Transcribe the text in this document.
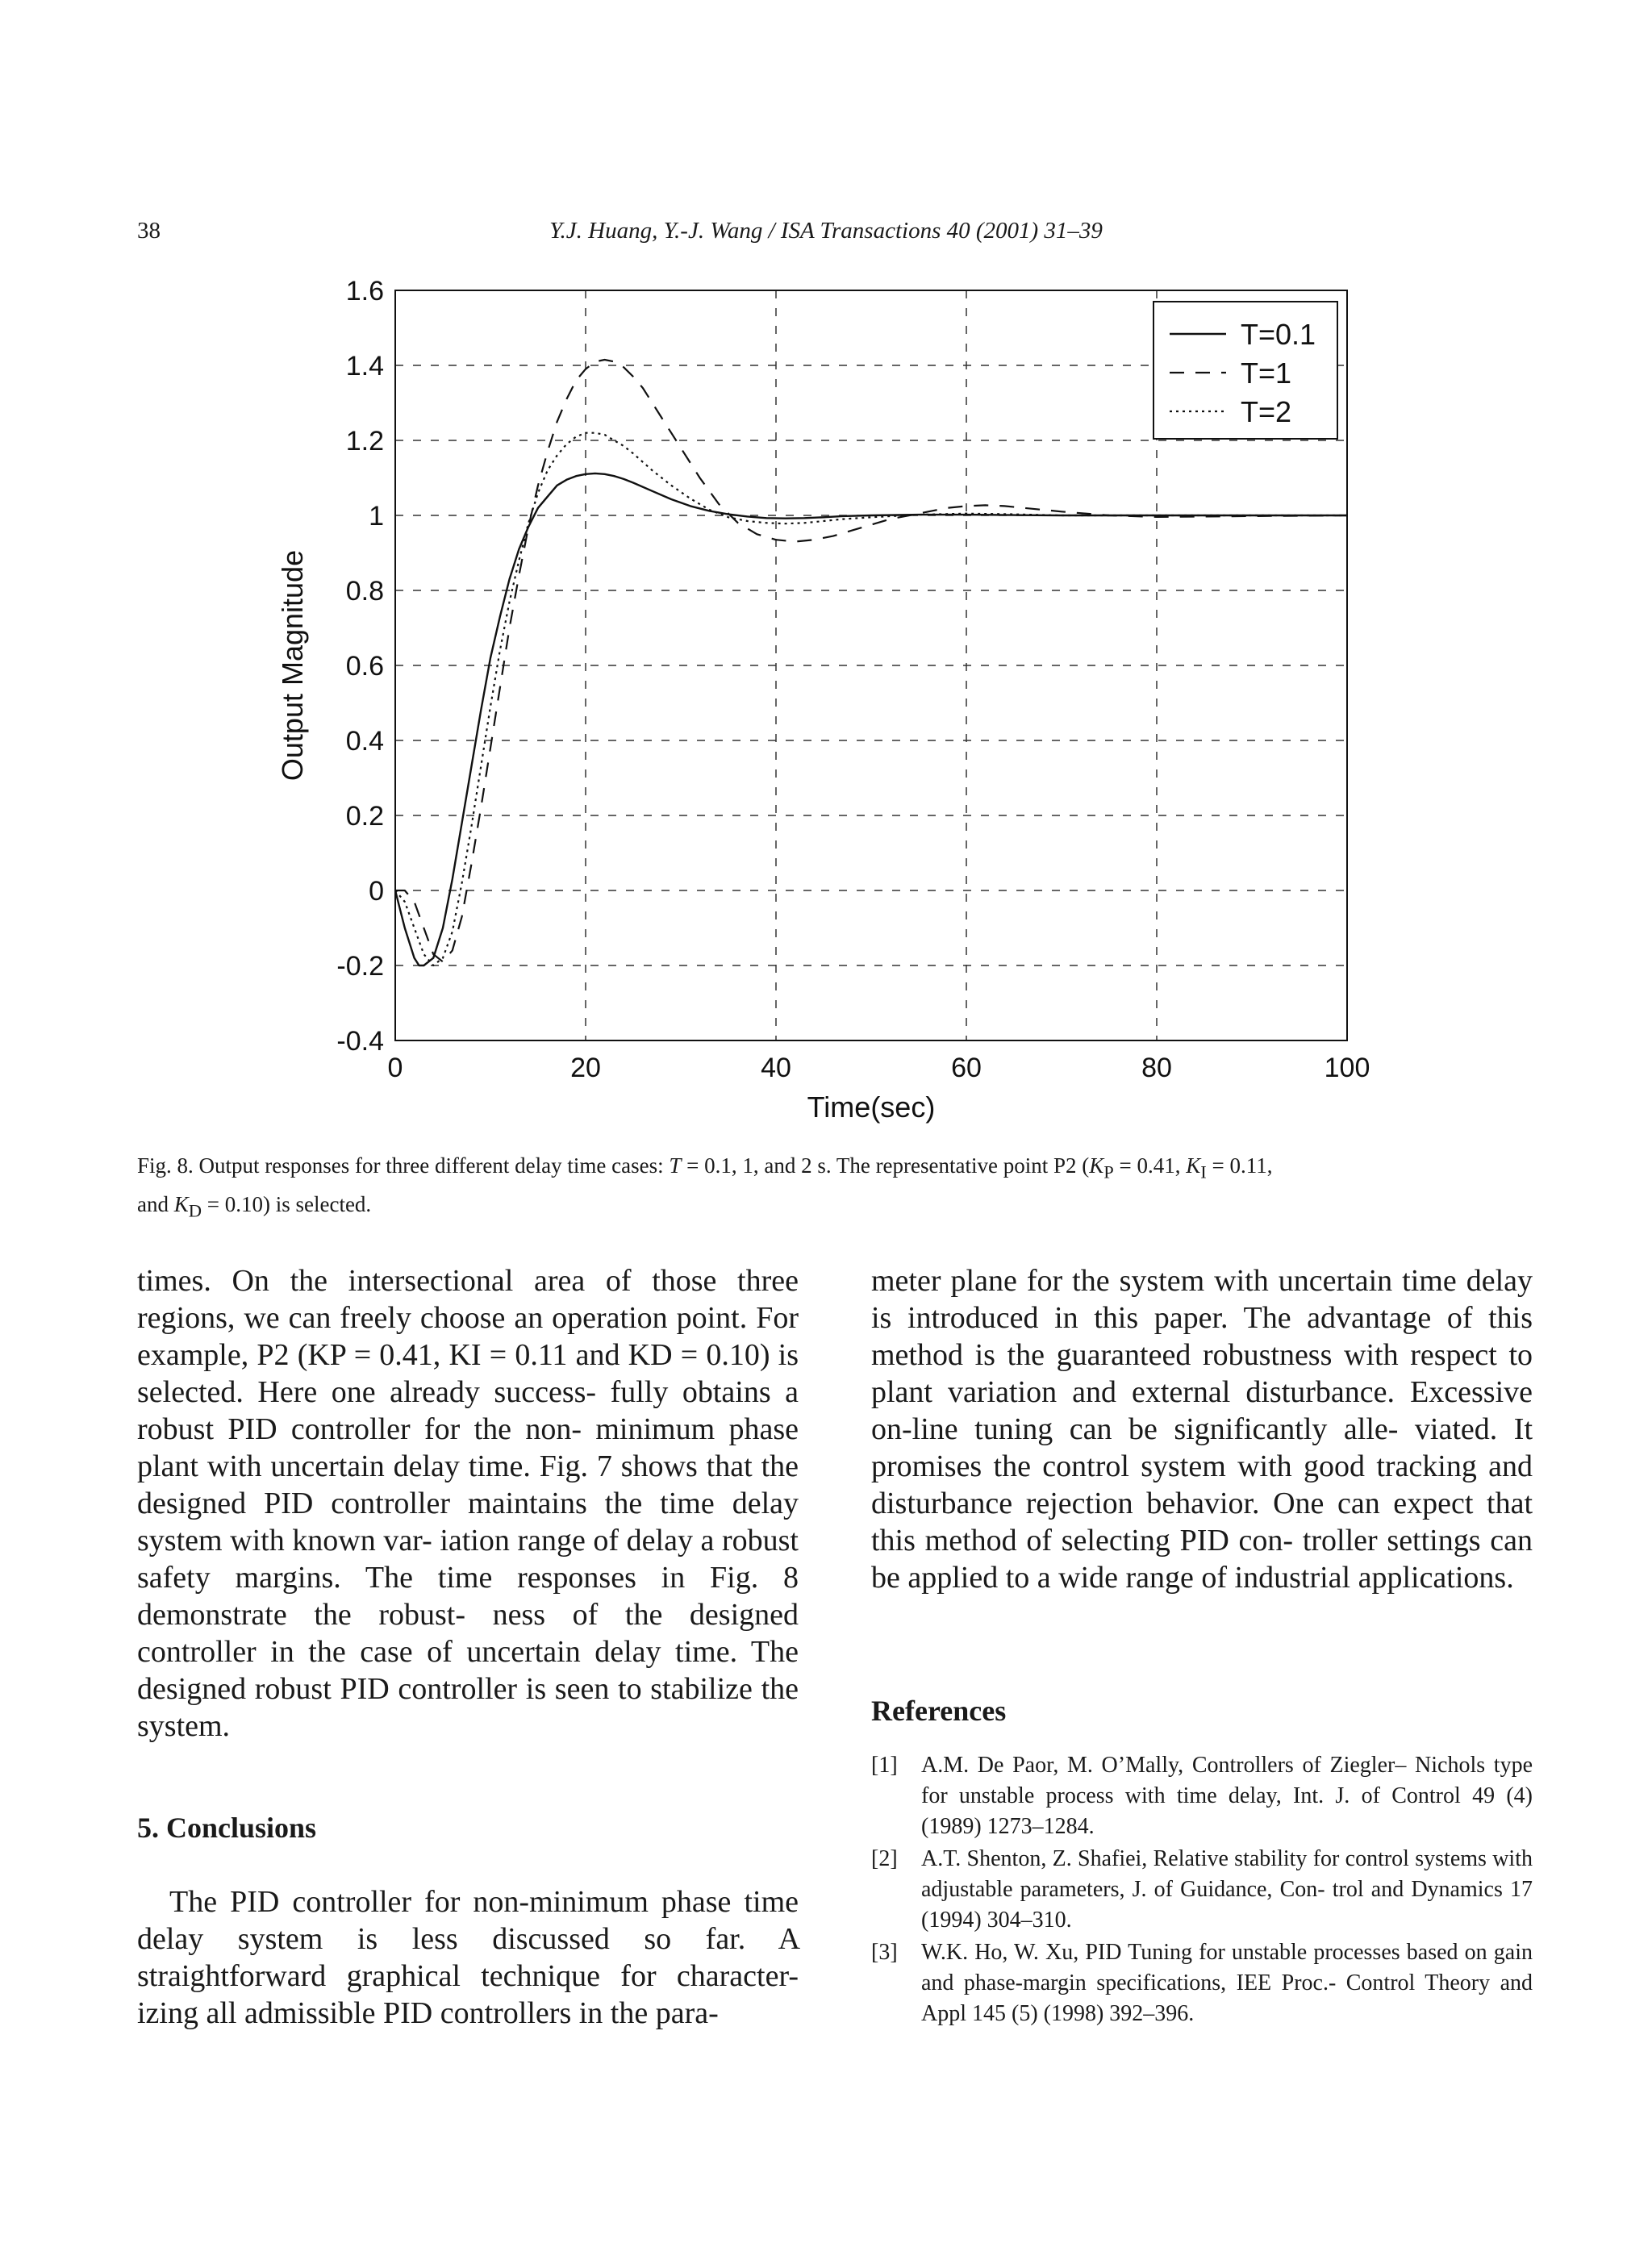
38	Y.J. Huang, Y.-J. Wang / ISA Transactions 40 (2001) 31–39
0	20	40	60	80	100
-0.4
-0.2
0
0.2
0.4
0.6
0.8
1
1.2
1.4
1.6
Time(sec)
Output Magnitude
T=0.1
T=1
T=2
Fig. 8. Output responses for three different delay time cases: T = 0.1, 1, and 2 s. The representative point P2 ($K_P = 0.41$, $K_I = 0.11$,
and $K_D = 0.10$) is selected.

times. On the intersectional area of those three regions, we can freely choose an operation point. For example, P2 (KP = 0.41, KI = 0.11 and KD = 0.10) is selected. Here one already success- fully obtains a robust PID controller for the non- minimum phase plant with uncertain delay time. Fig. 7 shows that the designed PID controller maintains the time delay system with known var- iation range of delay a robust safety margins. The time responses in Fig. 8 demonstrate the robust- ness of the designed controller in the case of uncertain delay time. The designed robust PID controller is seen to stabilize the system.

5. Conclusions

The PID controller for non-minimum phase time delay system is less discussed so far. A straightforward graphical technique for character- izing all admissible PID controllers in the para-

meter plane for the system with uncertain time delay is introduced in this paper. The advantage of this method is the guaranteed robustness with respect to plant variation and external disturbance. Excessive on-line tuning can be significantly alle- viated. It promises the control system with good tracking and disturbance rejection behavior. One can expect that this method of selecting PID con- troller settings can be applied to a wide range of industrial applications.

References
[1] A.M. De Paor, M. O’Mally, Controllers of Ziegler– Nichols type for unstable process with time delay, Int. J. of Control 49 (4) (1989) 1273–1284.
[2] A.T. Shenton, Z. Shafiei, Relative stability for control systems with adjustable parameters, J. of Guidance, Con- trol and Dynamics 17 (1994) 304–310.
[3] W.K. Ho, W. Xu, PID Tuning for unstable processes based on gain and phase-margin specifications, IEE Proc.- Control Theory and Appl 145 (5) (1998) 392–396.
